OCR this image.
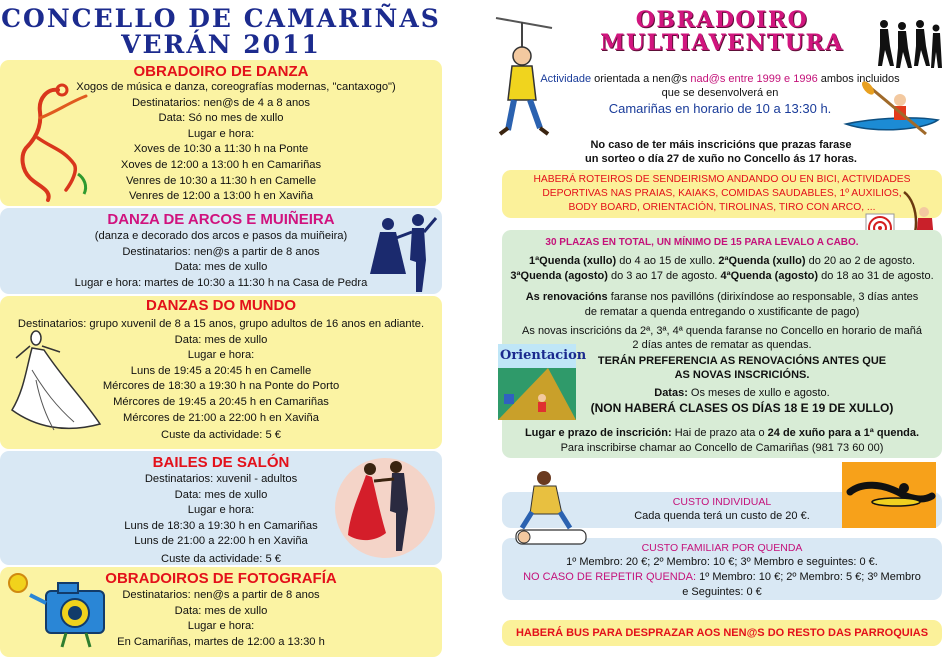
CONCELLO DE CAMARIÑAS
VERÁN 2011
OBRADOIRO DE DANZA
Xogos de música e danza, coreografías modernas, "cantaxogo")
Destinatarios: nen@s de 4 a 8 anos
Data: Só no mes de xullo
Lugar e hora:
Xoves de 10:30 a 11:30 h na Ponte
Xoves de 12:00 a 13:00 h en Camariñas
Venres de 10:30 a 11:30 h en Camelle
Venres de 12:00 a 13:00 h en Xaviña
DANZA DE ARCOS E MUIÑEIRA
(danza e decorado dos arcos e pasos da muiñeira)
Destinatarios: nen@s a partir de 8 anos
Data: mes de xullo
Lugar e hora: martes de 10:30 a 11:30 h na Casa de Pedra
DANZAS DO MUNDO
Destinatarios: grupo xuvenil de 8 a 15 anos, grupo adultos de 16 anos en adiante.
Data: mes de xullo
Lugar e hora:
Luns de 19:45 a 20:45 h en Camelle
Mércores de 18:30 a 19:30 h na Ponte do Porto
Mércores de 19:45 a 20:45 h en Camariñas
Mércores de 21:00 a 22:00 h en Xaviña
Custe da actividade: 5 €
BAILES DE SALÓN
Destinatarios: xuvenil - adultos
Data: mes de xullo
Lugar e hora:
Luns de 18:30 a 19:30 h en Camariñas
Luns de 21:00 a 22:00 h en Xaviña
Custe da actividade: 5 €
OBRADOIROS DE FOTOGRAFÍA
Destinatarios: nen@s a partir de 8 anos
Data: mes de xullo
Lugar e hora:
En Camariñas, martes de 12:00 a 13:30 h
OBRADOIRO
MULTIAVENTURA
Actividade orientada a nen@s nad@s entre 1999 e 1996 ambos incluidos
que se desenvolverá en
Camariñas en horario de 10 a 13:30 h.
No caso de ter máis inscricións que prazas farase
un sorteo o día 27 de xuño no Concello ás 17 horas.
HABERÁ ROTEIROS DE SENDEIRISMO ANDANDO OU EN BICI, ACTIVIDADES
DEPORTIVAS NAS PRAIAS, KAIAKS, COMIDAS SAUDABLES, 1º AUXILIOS,
BODY BOARD, ORIENTACIÓN, TIROLINAS, TIRO CON ARCO, ...
30 PLAZAS EN TOTAL, UN MÍNIMO DE 15 PARA LEVALO A CABO.
1ªQuenda (xullo) do 4 ao 15 de xullo. 2ªQuenda (xullo) do 20 ao 2 de agosto.
3ªQuenda (agosto) do 3 ao 17 de agosto. 4ªQuenda (agosto) do 18 ao 31 de agosto.
As renovacións faranse nos pavillóns (dirixíndose ao responsable, 3 días antes
de rematar a quenda entregando o xustificante de pago)
As novas inscricións da 2ª, 3ª, 4ª quenda faranse no Concello en horario de mañá
2 días antes de rematar as quendas.
TERÁN PREFERENCIA AS RENOVACIÓNS ANTES QUE
AS NOVAS INSCRICIÓNS.
Datas: Os meses de xullo e agosto.
(NON HABERÁ CLASES OS DÍAS 18 E 19 DE XULLO)
Lugar e prazo de inscrición: Hai de prazo ata o 24 de xuño para a 1ª quenda.
Para inscribirse chamar ao Concello de Camariñas (981 73 60 00)
Orientacion
CUSTO INDIVIDUAL
Cada quenda terá un custo de 20 €.
CUSTO FAMILIAR POR QUENDA
1º Membro: 20 €; 2º Membro: 10 €; 3º Membro e seguintes: 0 €.
NO CASO DE REPETIR QUENDA: 1º Membro: 10 €; 2º Membro: 5 €; 3º Membro
e Seguintes: 0 €
HABERÁ BUS PARA DESPRAZAR AOS NEN@S DO RESTO DAS PARROQUIAS
